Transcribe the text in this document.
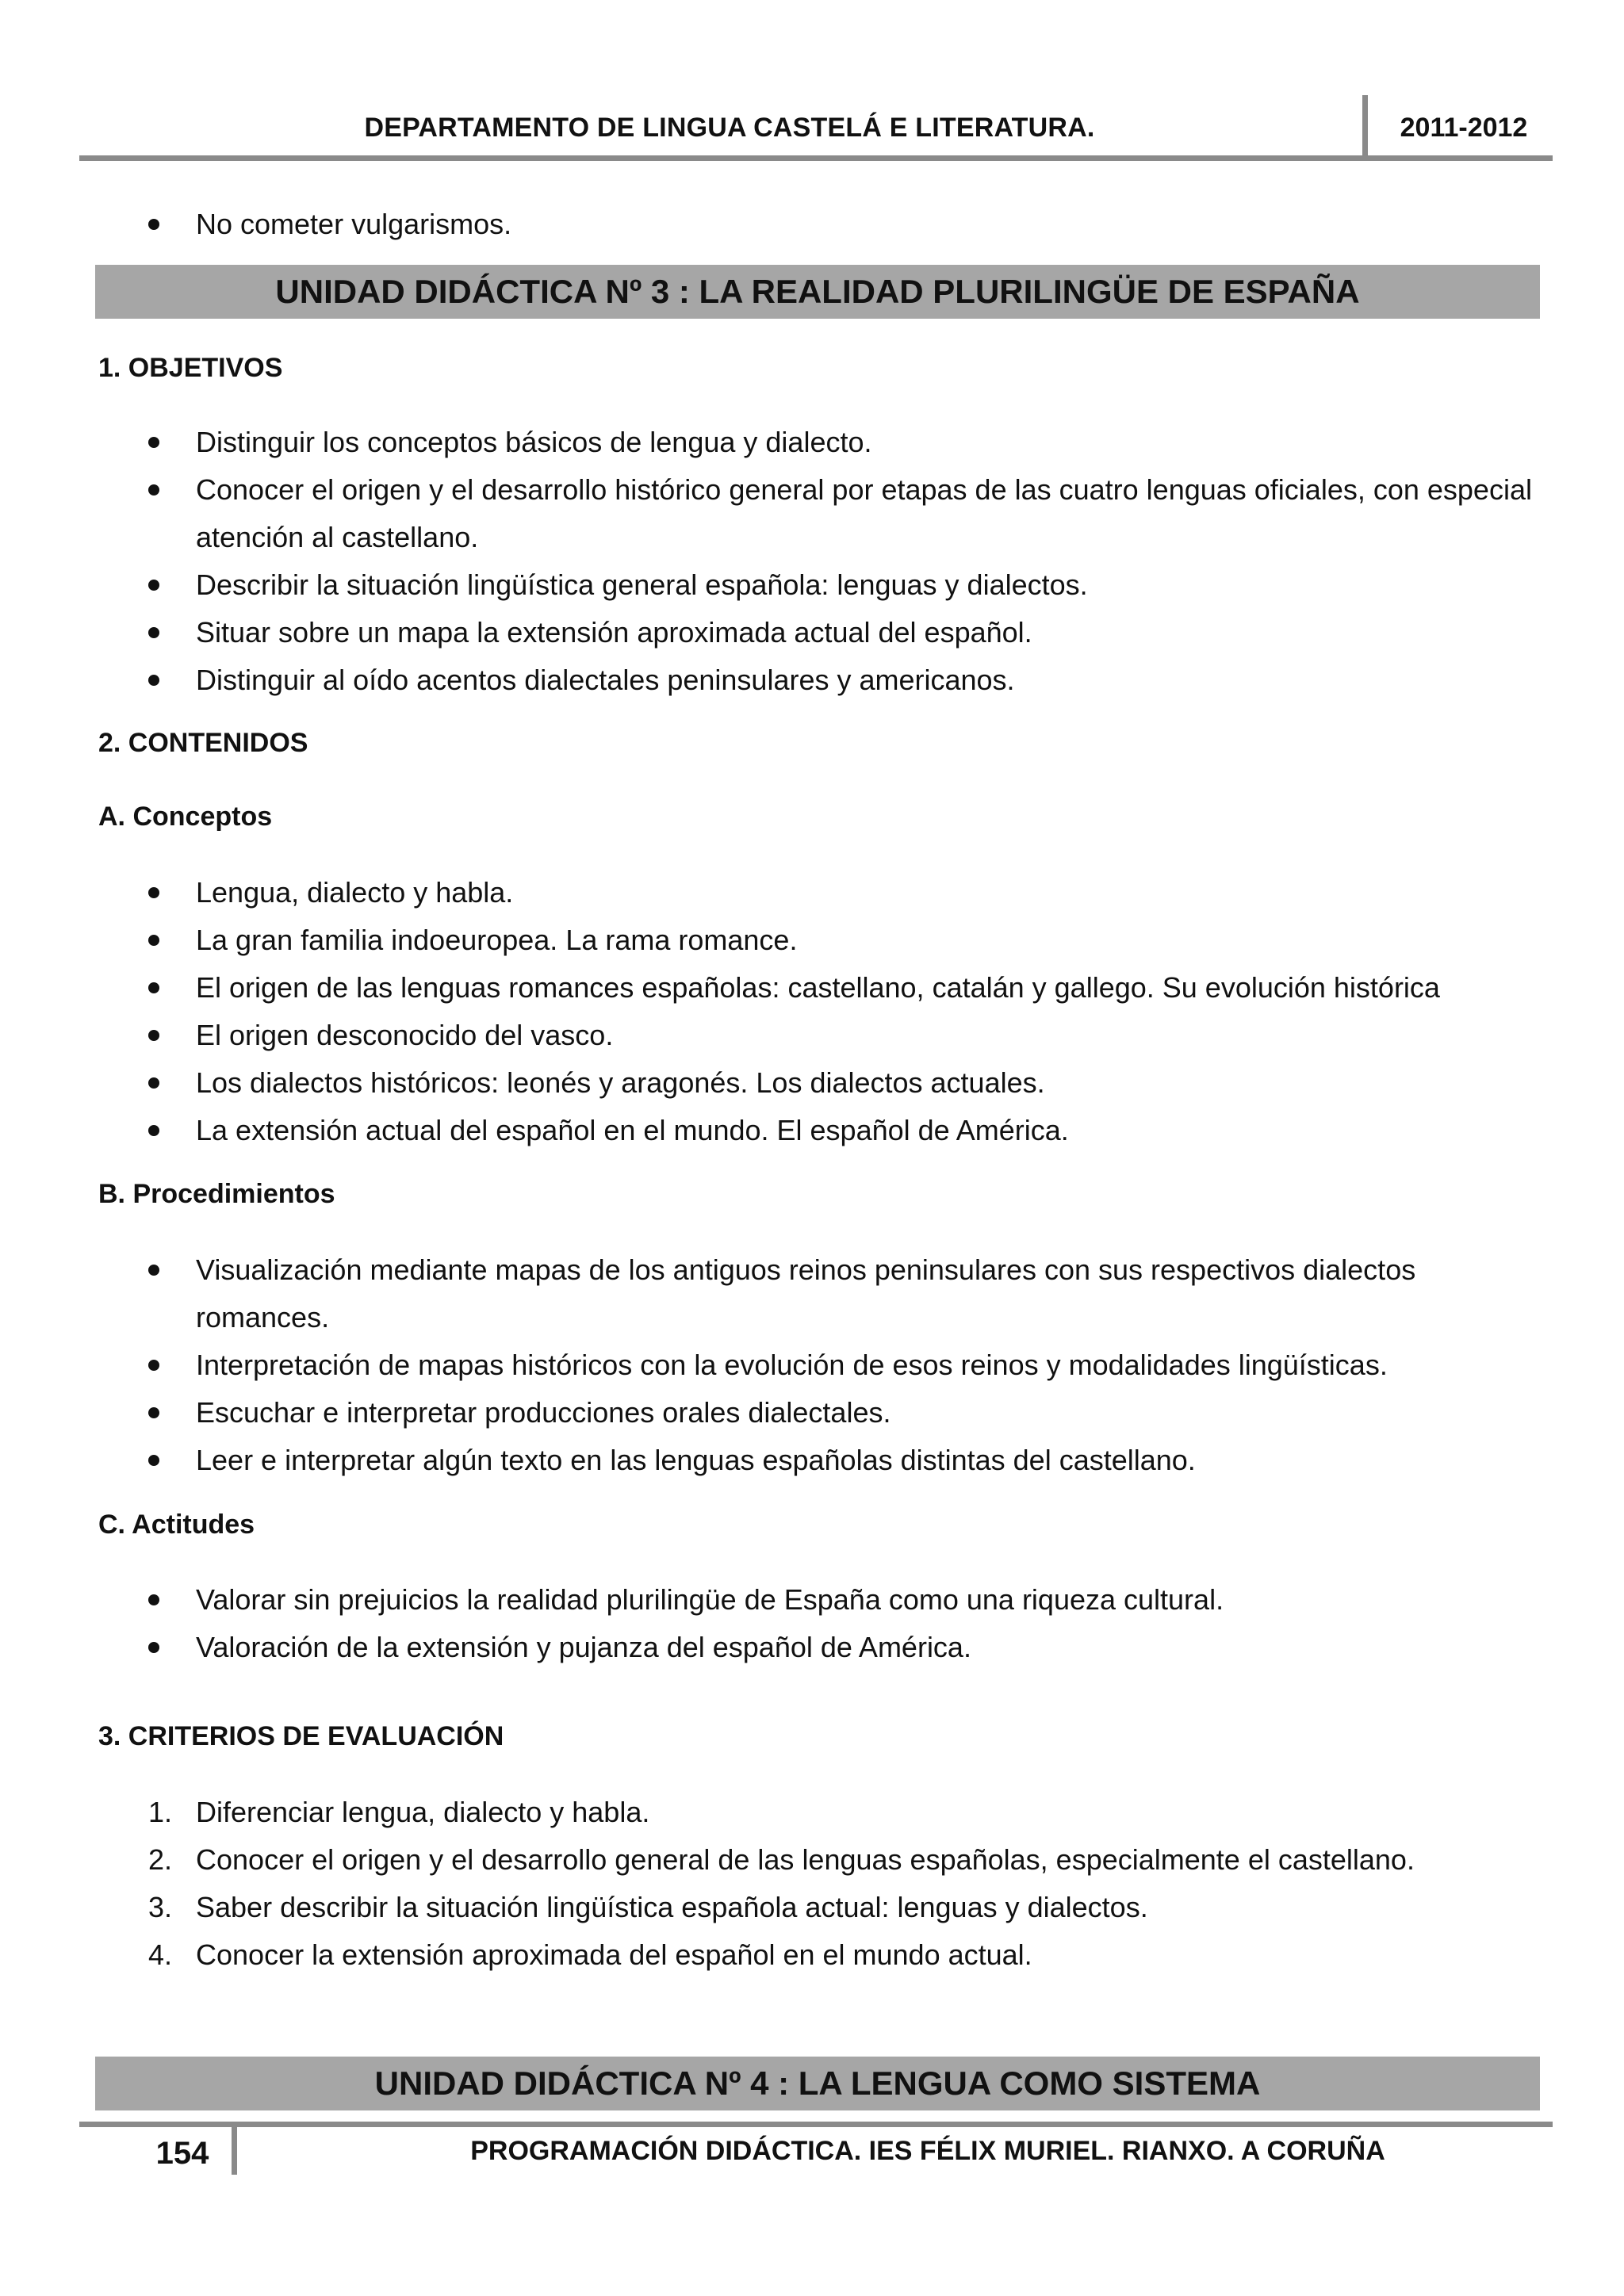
DEPARTAMENTO DE LINGUA CASTELÁ E LITERATURA.	2011-2012
No cometer vulgarismos.
UNIDAD DIDÁCTICA Nº 3 : LA REALIDAD PLURILINGÜE DE ESPAÑA
1. OBJETIVOS
Distinguir los conceptos básicos de lengua y dialecto.
Conocer el origen y el desarrollo histórico general por etapas de las cuatro lenguas oficiales, con especial atención al castellano.
Describir la situación lingüística general española: lenguas y dialectos.
Situar sobre un mapa la extensión aproximada actual del español.
Distinguir al oído acentos dialectales peninsulares y americanos.
2. CONTENIDOS
A. Conceptos
Lengua, dialecto y habla.
La gran familia indoeuropea. La rama romance.
El origen de las lenguas romances españolas: castellano, catalán y gallego. Su evolución histórica
El origen desconocido del vasco.
Los dialectos históricos: leonés y aragonés. Los dialectos actuales.
La extensión actual del español en el mundo. El español de América.
B. Procedimientos
Visualización mediante mapas de los antiguos reinos peninsulares con sus respectivos dialectos romances.
Interpretación de mapas históricos con la evolución de esos reinos y modalidades lingüísticas.
Escuchar e interpretar producciones orales dialectales.
Leer e interpretar algún texto en las lenguas españolas distintas del castellano.
C. Actitudes
Valorar sin prejuicios la realidad plurilingüe de España como una riqueza cultural.
Valoración de la extensión y pujanza del español de América.
3. CRITERIOS DE EVALUACIÓN
1. Diferenciar lengua, dialecto y habla.
2. Conocer el origen y el desarrollo general de las lenguas españolas, especialmente el castellano.
3. Saber describir la situación lingüística española actual: lenguas y dialectos.
4. Conocer la extensión aproximada del español en el mundo actual.
UNIDAD DIDÁCTICA Nº 4 : LA LENGUA COMO SISTEMA
154	PROGRAMACIÓN DIDÁCTICA. IES FÉLIX MURIEL. RIANXO. A CORUÑA
